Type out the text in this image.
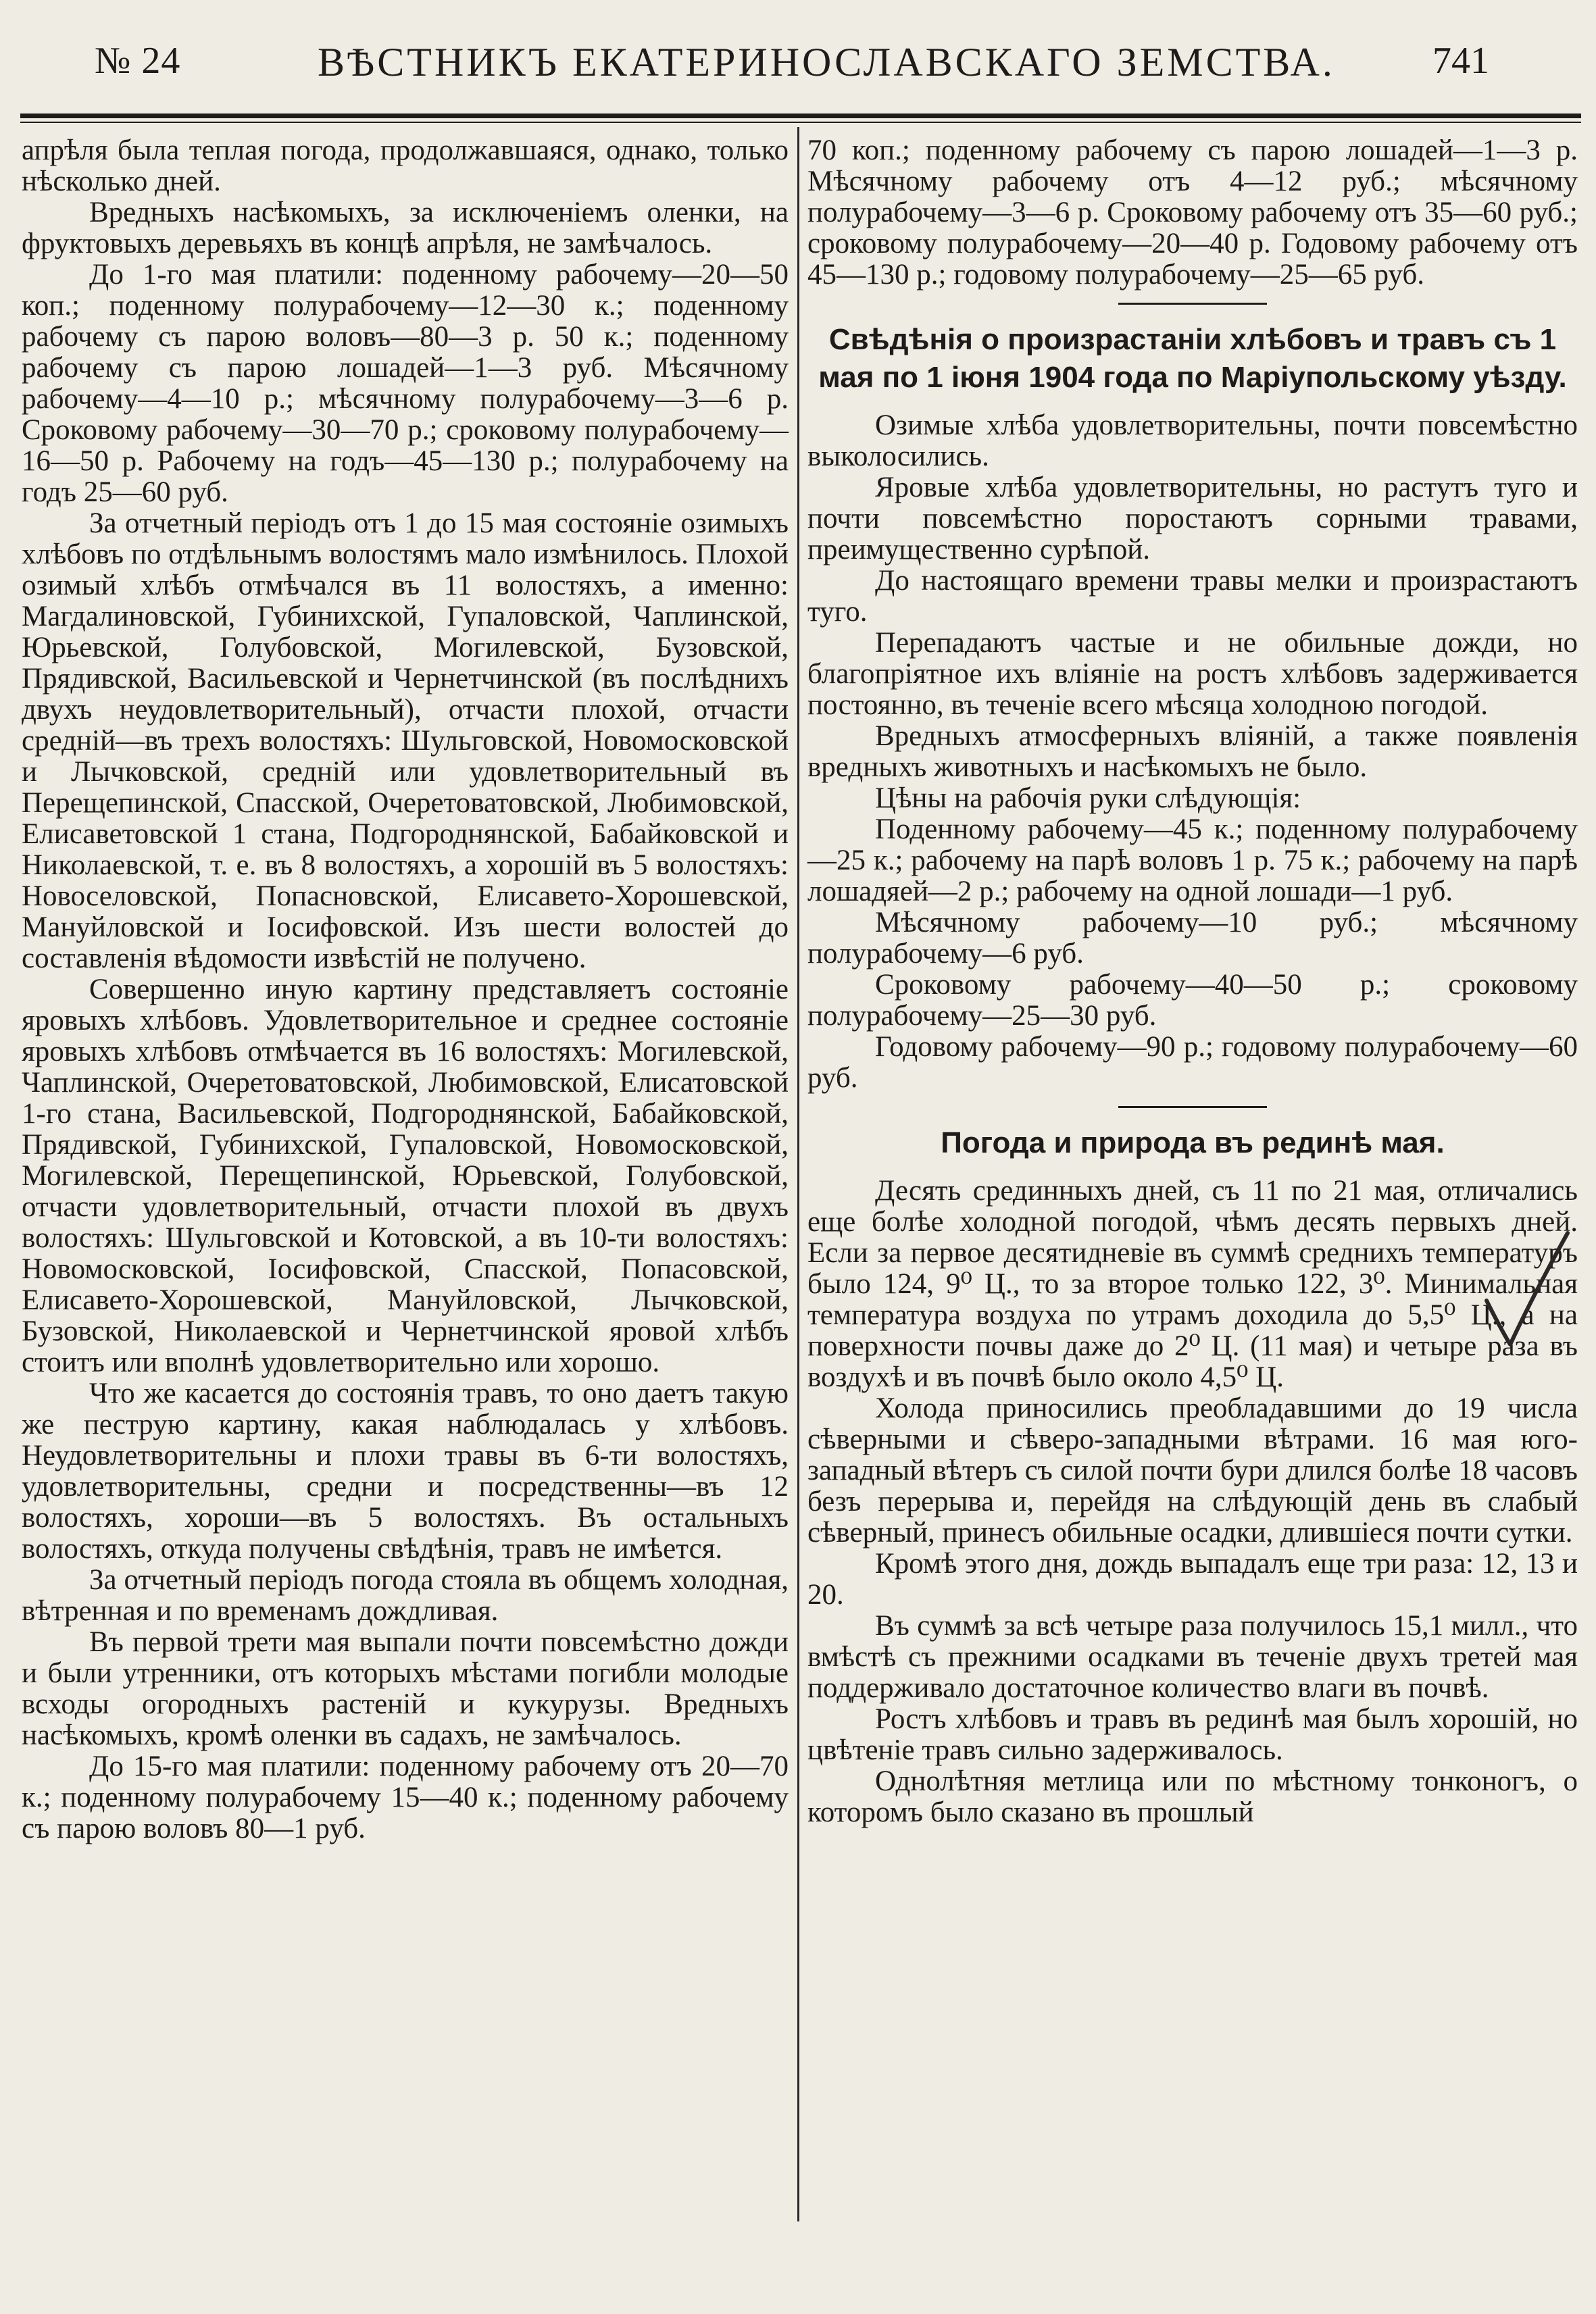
№ 24	ВѢСТНИКЪ ЕКАТЕРИНОСЛАВСКАГО ЗЕМСТВА.	741

апрѣля была теплая погода, продолжавшаяся, однако, только нѣсколько дней.

Вредныхъ насѣкомыхъ, за исключеніемъ оленки, на фруктовыхъ деревьяхъ въ концѣ апрѣля, не замѣчалось.

До 1-го мая платили: поденному рабочему—20—50 коп.; поденному полурабочему—12—30 к.; поденному рабочему съ парою воловъ—80—3 р. 50 к.; поденному рабочему съ парою лошадей—1—3 руб. Мѣсячному рабочему—4—10 р.; мѣсячному полурабочему—3—6 р. Сроковому рабочему—30—70 р.; сроковому полурабочему—16—50 р. Рабочему на годъ—45—130 р.; полурабочему на годъ 25—60 руб.

За отчетный періодъ отъ 1 до 15 мая состояніе озимыхъ хлѣбовъ по отдѣльнымъ волостямъ мало измѣнилось. Плохой озимый хлѣбъ отмѣчался въ 11 волостяхъ, а именно: Магдалиновской, Губинихской, Гупаловской, Чаплинской, Юрьевской, Голубовской, Могилевской, Бузовской, Прядивской, Васильевской и Чернетчинской (въ послѣднихъ двухъ неудовлетворительный), отчасти плохой, отчасти средній—въ трехъ волостяхъ: Шульговской, Новомосковской и Лычковской, средній или удовлетворительный въ Перещепинской, Спасской, Очеретоватовской, Любимовской, Елисаветовской 1 стана, Подгороднянской, Бабайковской и Николаевской, т. е. въ 8 волостяхъ, а хорошій въ 5 волостяхъ: Новоселовской, Попасновской, Елисавето-Хорошевской, Мануйловской и Іосифовской. Изъ шести волостей до составленія вѣдомости извѣстій не получено.

Совершенно иную картину представляетъ состояніе яровыхъ хлѣбовъ. Удовлетворительное и среднее состояніе яровыхъ хлѣбовъ отмѣчается въ 16 волостяхъ: Могилевской, Чаплинской, Очеретоватовской, Любимовской, Елисатовской 1-го стана, Васильевской, Подгороднянской, Бабайковской, Прядивской, Губинихской, Гупаловской, Новомосковской, Могилевской, Перещепинской, Юрьевской, Голубовской, отчасти удовлетворительный, отчасти плохой въ двухъ волостяхъ: Шульговской и Котовской, а въ 10-ти волостяхъ: Новомосковской, Іосифовской, Спасской, Попасовской, Елисавето-Хорошевской, Мануйловской, Лычковской, Бузовской, Николаевской и Чернетчинской яровой хлѣбъ стоитъ или вполнѣ удовлетворительно или хорошо.

Что же касается до состоянія травъ, то оно даетъ такую же пеструю картину, какая наблюдалась у хлѣбовъ. Неудовлетворительны и плохи травы въ 6-ти волостяхъ, удовлетворительны, средни и посредственны—въ 12 волостяхъ, хороши—въ 5 волостяхъ. Въ остальныхъ волостяхъ, откуда получены свѣдѣнія, травъ не имѣется.

За отчетный періодъ погода стояла въ общемъ холодная, вѣтренная и по временамъ дождливая.

Въ первой трети мая выпали почти повсемѣстно дожди и были утренники, отъ которыхъ мѣстами погибли молодые всходы огородныхъ растеній и кукурузы. Вредныхъ насѣкомыхъ, кромѣ оленки въ садахъ, не замѣчалось.

До 15-го мая платили: поденному рабочему отъ 20—70 к.; поденному полурабочему 15—40 к.; поденному рабочему съ парою воловъ 80—1 руб.

70 коп.; поденному рабочему съ парою лошадей—1—3 р. Мѣсячному рабочему отъ 4—12 руб.; мѣсячному полурабочему—3—6 р. Сроковому рабочему отъ 35—60 руб.; сроковому полурабочему—20—40 р. Годовому рабочему отъ 45—130 р.; годовому полурабочему—25—65 руб.

Свѣдѣнія о произрастаніи хлѣбовъ и травъ съ 1 мая по 1 іюня 1904 года по Маріупольскому уѣзду.

Озимые хлѣба удовлетворительны, почти повсемѣстно выколосились.

Яровые хлѣба удовлетворительны, но растутъ туго и почти повсемѣстно поростаютъ сорными травами, преимущественно сурѣпой.

До настоящаго времени травы мелки и произрастаютъ туго.

Перепадаютъ частые и не обильные дожди, но благопріятное ихъ вліяніе на ростъ хлѣбовъ задерживается постоянно, въ теченіе всего мѣсяца холодною погодой.

Вредныхъ атмосферныхъ вліяній, а также появленія вредныхъ животныхъ и насѣкомыхъ не было.

Цѣны на рабочія руки слѣдующія:

Поденному рабочему—45 к.; поденному полурабочему—25 к.; рабочему на парѣ воловъ 1 р. 75 к.; рабочему на парѣ лошадяей—2 р.; рабочему на одной лошади—1 руб.

Мѣсячному рабочему—10 руб.; мѣсячному полурабочему—6 руб.

Сроковому рабочему—40—50 р.; сроковому полурабочему—25—30 руб.

Годовому рабочему—90 р.; годовому полурабочему—60 руб.

Погода и природа въ рединѣ мая.

Десять срединныхъ дней, съ 11 по 21 мая, отличались еще болѣе холодной погодой, чѣмъ десять первыхъ дней. Если за первое десятидневіе въ суммѣ среднихъ температуръ было 124, 9⁰ Ц., то за второе только 122, 3⁰. Минимальная температура воздуха по утрамъ доходила до 5,5⁰ Ц., а на поверхности почвы даже до 2⁰ Ц. (11 мая) и четыре раза въ воздухѣ и въ почвѣ было около 4,5⁰ Ц.

Холода приносились преобладавшими до 19 числа сѣверными и сѣверо-западными вѣтрами. 16 мая юго-западный вѣтеръ съ силой почти бури длился болѣе 18 часовъ безъ перерыва и, перейдя на слѣдующій день въ слабый сѣверный, принесъ обильные осадки, длившіеся почти сутки.

Кромѣ этого дня, дождь выпадалъ еще три раза: 12, 13 и 20.

Въ суммѣ за всѣ четыре раза получилось 15,1 милл., что вмѣстѣ съ прежними осадками въ теченіе двухъ третей мая поддерживало достаточное количество влаги въ почвѣ.

Ростъ хлѣбовъ и травъ въ рединѣ мая былъ хорошій, но цвѣтеніе травъ сильно задерживалось.

Однолѣтняя метлица или по мѣстному тонконогъ, о которомъ было сказано въ прошлый
